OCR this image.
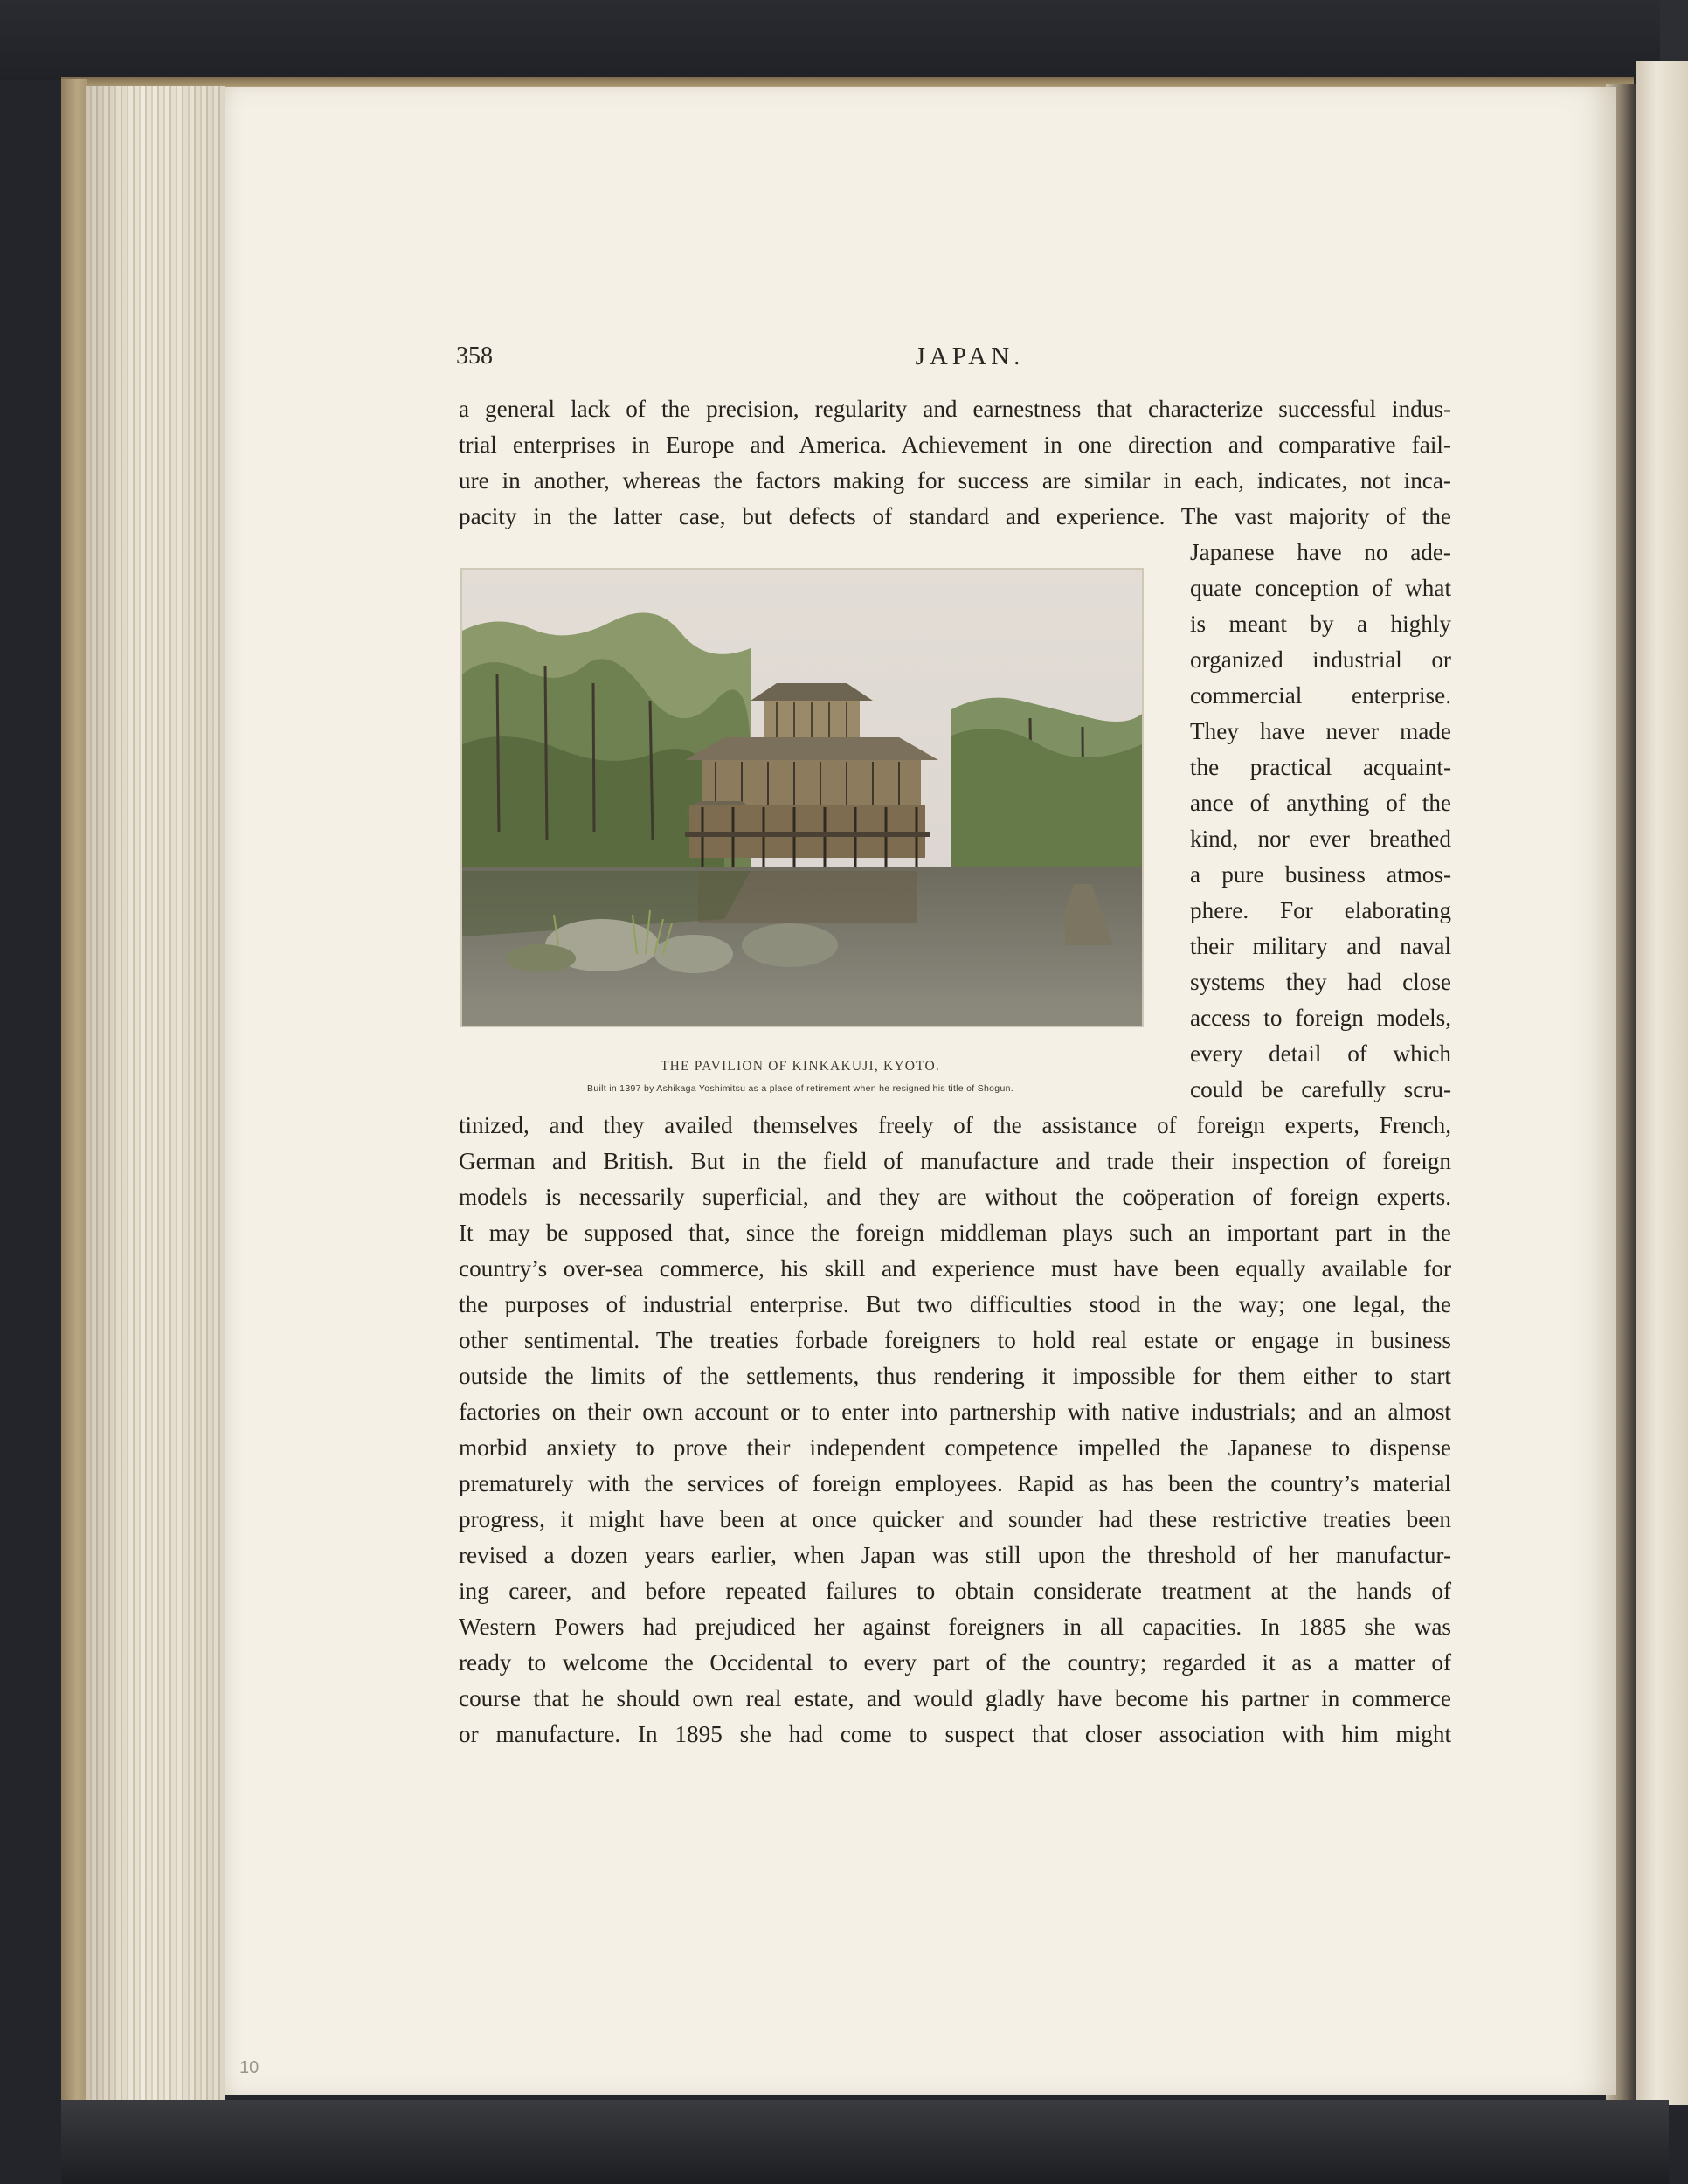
358	JAPAN.

a general lack of the precision, regularity and earnestness that characterize successful indus-
trial enterprises in Europe and America. Achievement in one direction and comparative fail-
ure in another, whereas the factors making for success are similar in each, indicates, not inca-
pacity in the latter case, but defects of standard and experience. The vast majority of the
Japanese have no ade-
quate conception of what
is meant by a highly
organized industrial or
commercial enterprise.
They have never made
the practical acquaint-
ance of anything of the
kind, nor ever breathed
a pure business atmos-
phere. For elaborating
their military and naval
systems they had close
access to foreign models,
every detail of which
could be carefully scru-

THE PAVILION OF KINKAKUJI, KYOTO.

Built in 1397 by Ashikaga Yoshimitsu as a place of retirement when he resigned his title of Shogun.

tinized, and they availed themselves freely of the assistance of foreign experts, French,
German and British. But in the field of manufacture and trade their inspection of foreign
models is necessarily superficial, and they are without the coöperation of foreign experts.
It may be supposed that, since the foreign middleman plays such an important part in the
country’s over-sea commerce, his skill and experience must have been equally available for
the purposes of industrial enterprise. But two difficulties stood in the way; one legal, the
other sentimental. The treaties forbade foreigners to hold real estate or engage in business
outside the limits of the settlements, thus rendering it impossible for them either to start
factories on their own account or to enter into partnership with native industrials; and an almost
morbid anxiety to prove their independent competence impelled the Japanese to dispense
prematurely with the services of foreign employees. Rapid as has been the country’s material
progress, it might have been at once quicker and sounder had these restrictive treaties been
revised a dozen years earlier, when Japan was still upon the threshold of her manufactur-
ing career, and before repeated failures to obtain considerate treatment at the hands of
Western Powers had prejudiced her against foreigners in all capacities. In 1885 she was
ready to welcome the Occidental to every part of the country; regarded it as a matter of
course that he should own real estate, and would gladly have become his partner in commerce
or manufacture. In 1895 she had come to suspect that closer association with him might

10
